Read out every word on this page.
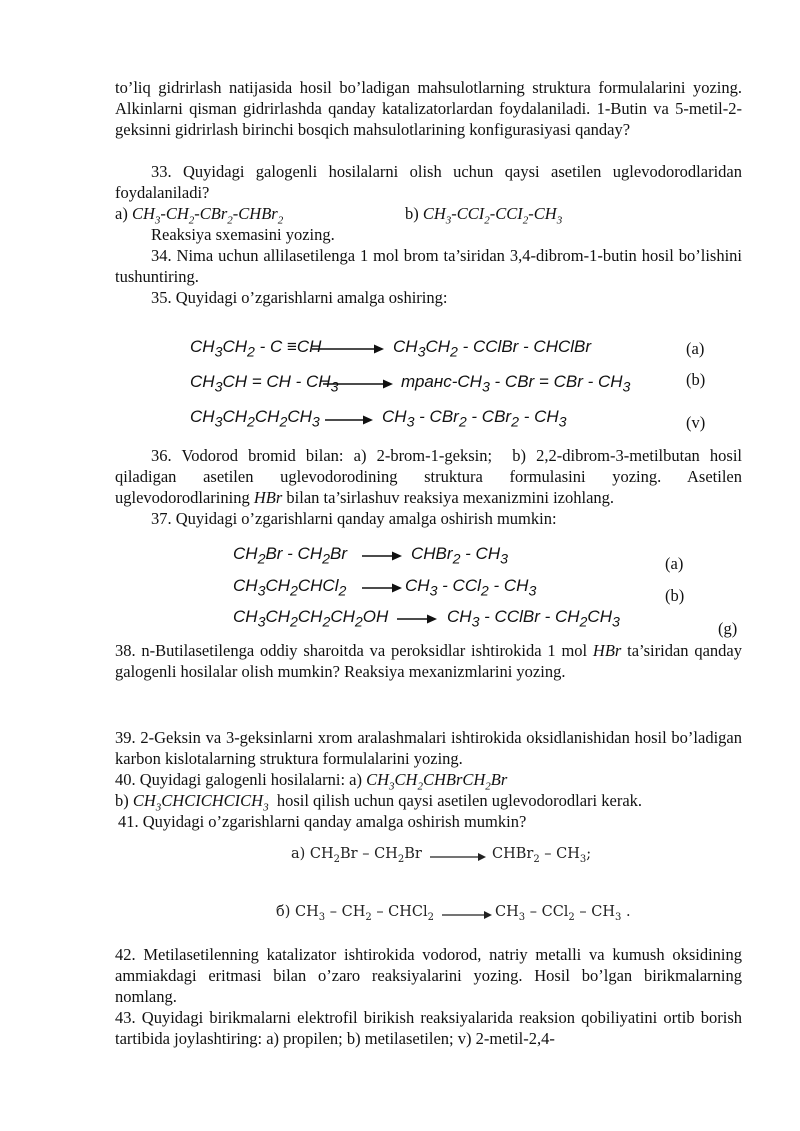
to’liq gidrirlash natijasida hosil bo’ladigan mahsulotlarning struktura formulalarini yozing. Alkinlarni qisman gidrirlashda qanday katalizatorlardan foydalaniladi. 1-Butin va 5-metil-2-geksinni gidrirlash birinchi bosqich mahsulotlarining konfigurasiyasi qanday?

33. Quyidagi galogenli hosilalarni olish uchun qaysi asetilen uglevodorodlaridan foydalaniladi?

a) $CH_3-CH_2-CBr_2-CHBr_2$	b) $CH_3-CCI_2-CCI_2-CH_3$
Reaksiya sxemasini yozing.

34. Nima uchun allilasetilenga 1 mol brom ta’siridan 3,4-dibrom-1-butin hosil bo’lishini tushuntiring.

35. Quyidagi o’zgarishlarni amalga oshiring:
$CH_3CH_2 - C \equiv CH$	$CH_3CH_2$ - CClBr - CHClBr	(a)
$CH_3CH$ = CH - $CH_3$	транс-$CH_3$ - CBr = CBr - $CH_3$	(b)
$CH_3CH_2CH_2CH_3 \to CH_3 - CBr_2 - CBr_2 - CH_3$	(v)

36. Vodorod bromid bilan: a) 2-brom-1-geksin;  b) 2,2-dibrom-3-metilbutan hosil qiladigan asetilen uglevodorodining struktura formulasini yozing. Asetilen uglevodorodlarining HBr bilan ta’sirlashuv reaksiya mexanizmini izohlang.

37. Quyidagi o’zgarishlarni qanday amalga oshirish mumkin:
$CH_2Br - CH_2Br$ → CHBr$_2$ - $CH_3$	(a)
$CH_3CH_2CHCl_2 \to CH_3 - CCl_2 - CH_3$	(b)
$CH_3CH_2CH_2CH_2OH \to CH_3$ - CClBr - $CH_2CH_3$	(g)

38. n-Butilasetilenga oddiy sharoitda va peroksidlar ishtirokida 1 mol HBr ta’siridan qanday galogenli hosilalar olish mumkin? Reaksiya mexanizmlarini yozing.

39. 2-Geksin va 3-geksinlarni xrom aralashmalari ishtirokida oksidlanishidan hosil bo’ladigan karbon kislotalarning struktura formulalarini yozing.

40. Quyidagi galogenli hosilalarni: a) $CH_3CH_2CHBrCH_2Br$
b) $CH_3CHCICHCICH_3$  hosil qilish uchun qaysi asetilen uglevodorodlari kerak.
41. Quyidagi o’zgarishlarni qanday amalga oshirish mumkin?
а) $CH_2Br - CH_2Br$ → CHBr$_2$ – $CH_3$;
б) $CH_3 - CH_2$ – CHCl$_2$ → $CH_3 - CCl_2 - CH_3$ .

42. Metilasetilenning katalizator ishtirokida vodorod, natriy metalli va kumush oksidining ammiakdagi eritmasi bilan o’zaro reaksiyalarini yozing. Hosil bo’lgan birikmalarning nomlang.

43. Quyidagi birikmalarni elektrofil birikish reaksiyalarida reaksion qobiliyatini ortib borish tartibida joylashtiring: a) propilen; b) metilasetilen; v) 2-metil-2,4-
